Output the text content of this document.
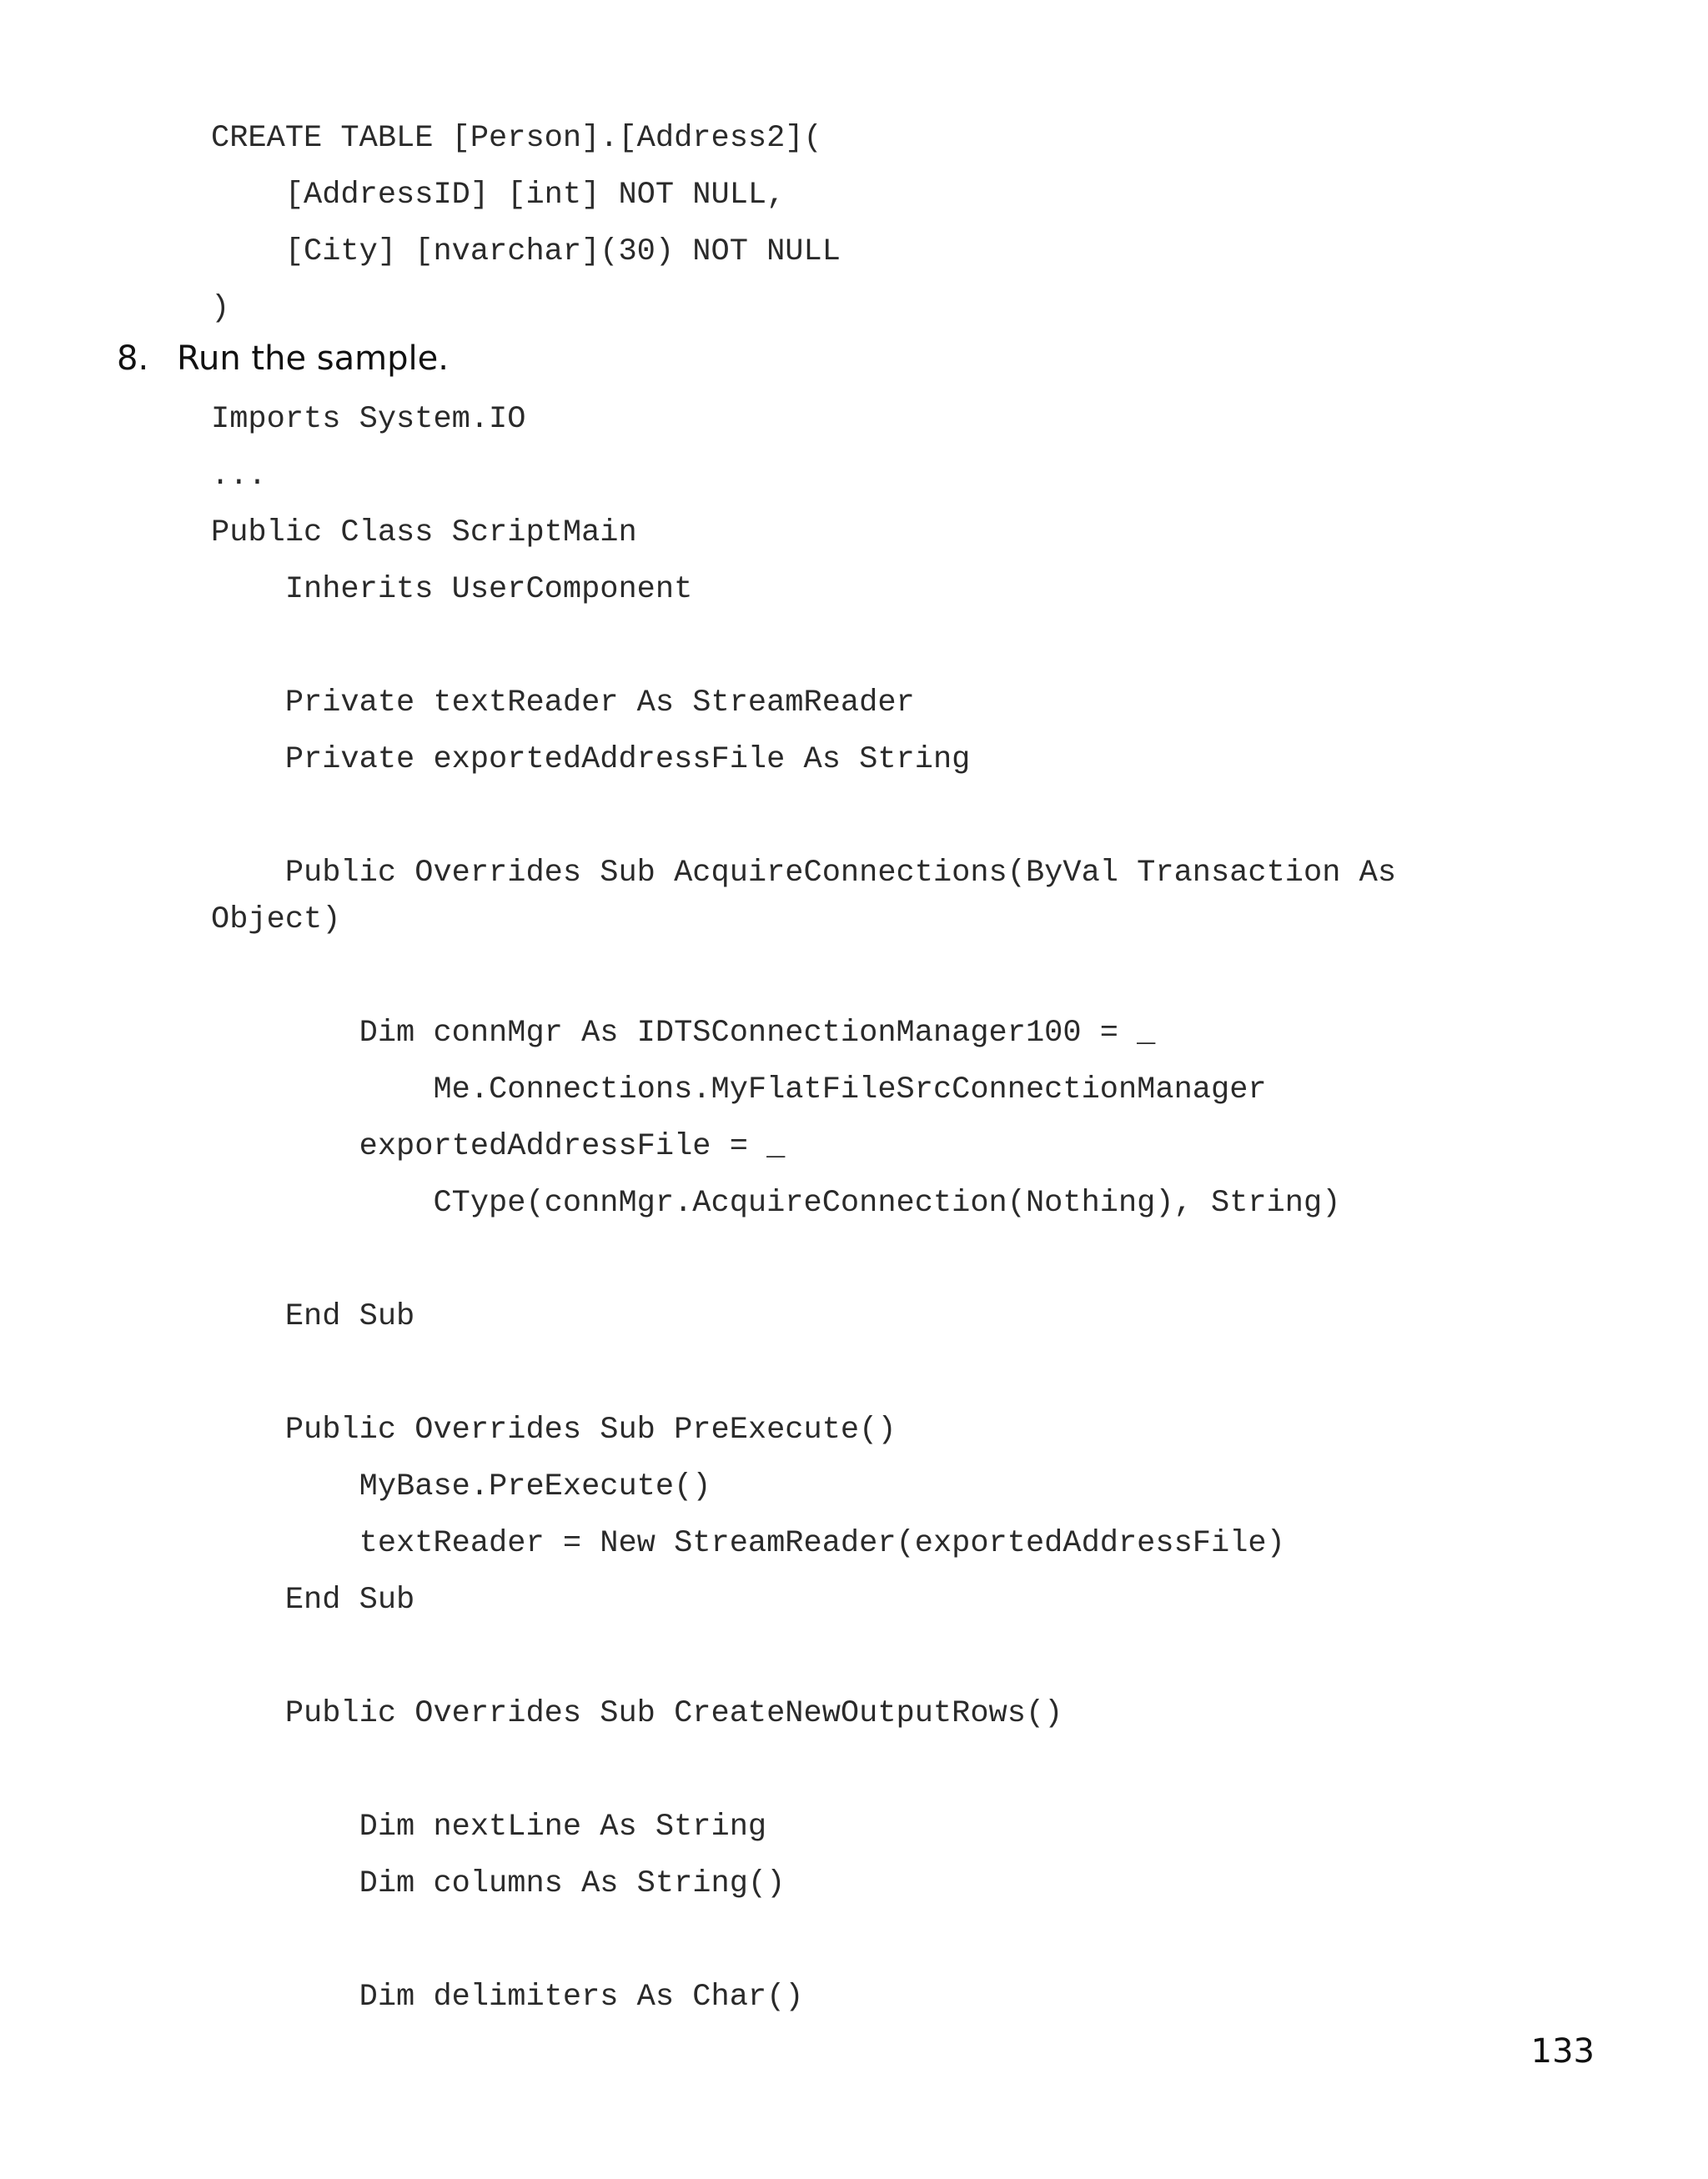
CREATE TABLE [Person].[Address2](
[AddressID] [int] NOT NULL,
[City] [nvarchar](30) NOT NULL
)
8. Run the sample.
Imports System.IO
...
Public Class ScriptMain
Inherits UserComponent
Private textReader As StreamReader
Private exportedAddressFile As String
Public Overrides Sub AcquireConnections(ByVal Transaction As
Object)
Dim connMgr As IDTSConnectionManager100 = _
Me.Connections.MyFlatFileSrcConnectionManager
exportedAddressFile = _
CType(connMgr.AcquireConnection(Nothing), String)
End Sub
Public Overrides Sub PreExecute()
MyBase.PreExecute()
textReader = New StreamReader(exportedAddressFile)
End Sub
Public Overrides Sub CreateNewOutputRows()
Dim nextLine As String
Dim columns As String()
Dim delimiters As Char()
133
